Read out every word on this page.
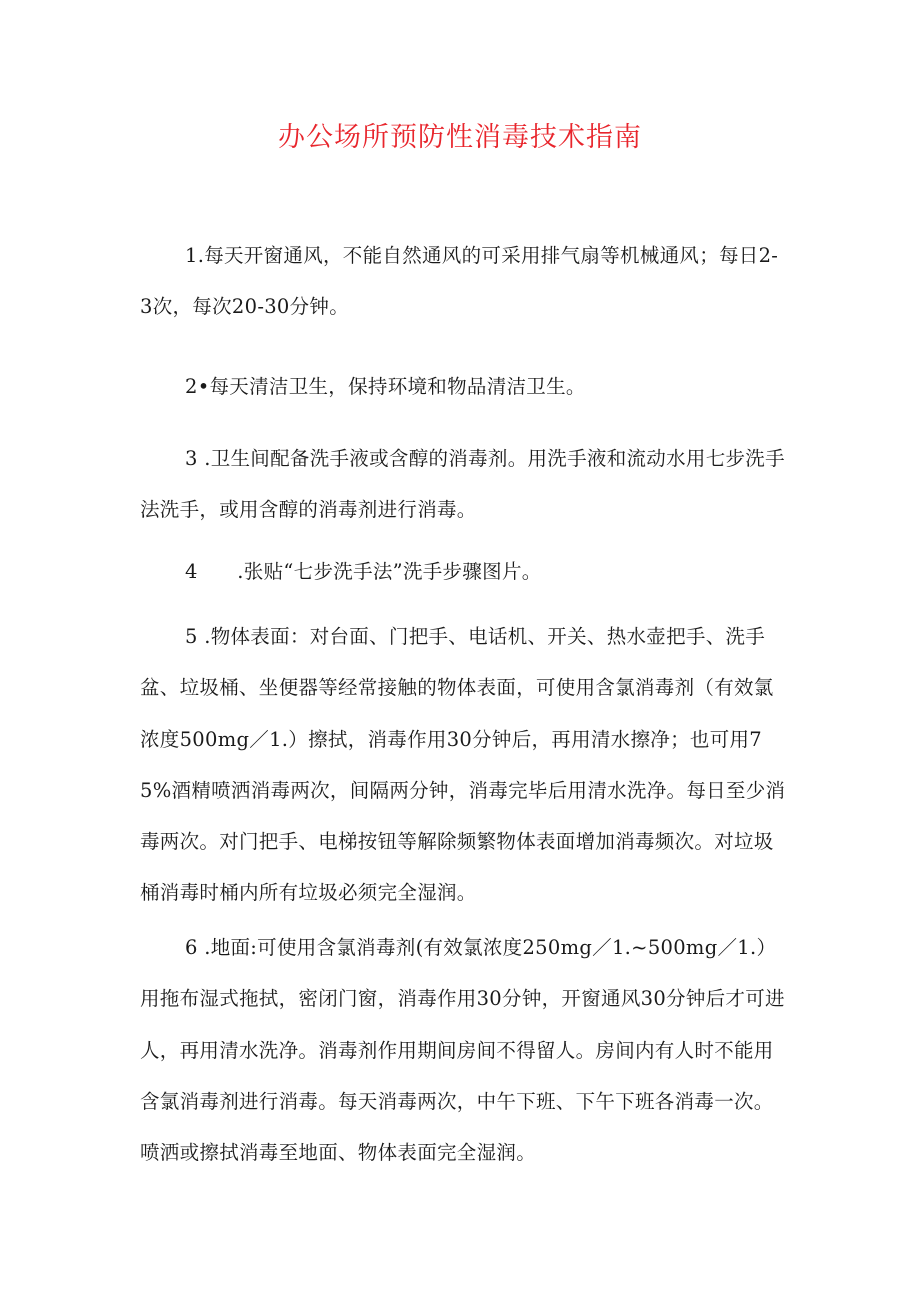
办公场所预防性消毒技术指南

1.每天开窗通风，不能自然通风的可采用排气扇等机械通风；每日2-3次，每次20-30分钟。

2•每天清洁卫生，保持环境和物品清洁卫生。

3 .卫生间配备洗手液或含醇的消毒剂。用洗手液和流动水用七步洗手法洗手，或用含醇的消毒剂进行消毒。

4　　.张贴“七步洗手法”洗手步骤图片。

5 .物体表面：对台面、门把手、电话机、开关、热水壶把手、洗手盆、垃圾桶、坐便器等经常接触的物体表面，可使用含氯消毒剂（有效氯浓度500mg／1.）擦拭，消毒作用30分钟后，再用清水擦净；也可用75%酒精喷洒消毒两次，间隔两分钟，消毒完毕后用清水洗净。每日至少消毒两次。对门把手、电梯按钮等解除频繁物体表面增加消毒频次。对垃圾桶消毒时桶内所有垃圾必须完全湿润。

6 .地面:可使用含氯消毒剂(有效氯浓度250mg／1.~500mg／1.）用拖布湿式拖拭，密闭门窗，消毒作用30分钟，开窗通风30分钟后才可进人，再用清水洗净。消毒剂作用期间房间不得留人。房间内有人时不能用含氯消毒剂进行消毒。每天消毒两次，中午下班、下午下班各消毒一次。喷洒或擦拭消毒至地面、物体表面完全湿润。
